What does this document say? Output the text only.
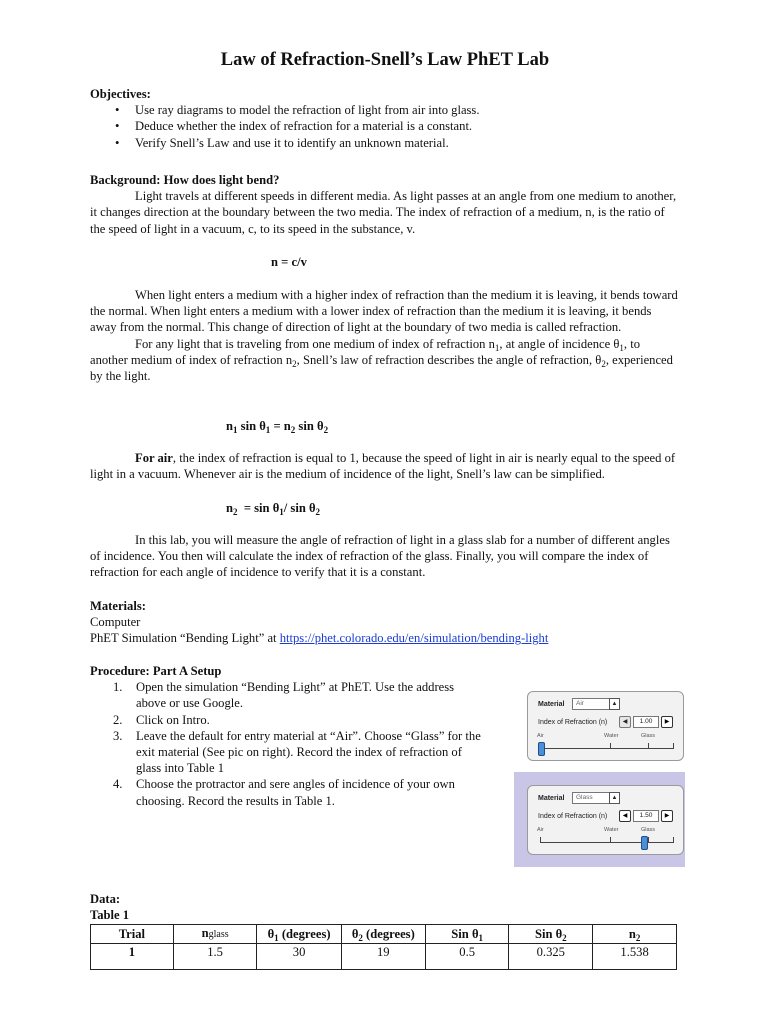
Law of Refraction-Snell’s Law PhET Lab

Objectives:

• Use ray diagrams to model the refraction of light from air into glass.
• Deduce whether the index of refraction for a material is a constant.
• Verify Snell’s Law and use it to identify an unknown material.

Background: How does light bend?

Light travels at different speeds in different media. As light passes at an angle from one medium to another, it changes direction at the boundary between the two media. The index of refraction of a medium, n, is the ratio of the speed of light in a vacuum, c, to its speed in the substance, v.

n = c/v

When light enters a medium with a higher index of refraction than the medium it is leaving, it bends toward the normal. When light enters a medium with a lower index of refraction than the medium it is leaving, it bends away from the normal. This change of direction of light at the boundary of two media is called refraction.

For any light that is traveling from one medium of index of refraction $n_1$, at angle of incidence $\theta_1$, to another medium of index of refraction $n_2$, Snell’s law of refraction describes the angle of refraction, $\theta_2$, experienced by the light.

$n_1$ $\sin \theta_1 = n_2$ $\sin \theta_2$

For air, the index of refraction is equal to 1, because the speed of light in air is nearly equal to the speed of light in a vacuum. Whenever air is the medium of incidence of the light, Snell’s law can be simplified.

$n_2 = \sin \theta_1/$ $\sin \theta_2$

In this lab, you will measure the angle of refraction of light in a glass slab for a number of different angles of incidence. You then will calculate the index of refraction of the glass. Finally, you will compare the index of refraction for each angle of incidence to verify that it is a constant.

Materials:

Computer

PhET Simulation “Bending Light” at https://phet.colorado.edu/en/simulation/bending-light

Procedure: Part A Setup

1. Open the simulation “Bending Light” at PhET. Use the address above or use Google.
2. Click on Intro.
3. Leave the default for entry material at “Air”. Choose “Glass” for the exit material (See pic on right). Record the index of refraction of glass into Table 1
4. Choose the protractor and sere angles of incidence of your own choosing. Record the results in Table 1.
Data:
Table 1
Trial	nglass	$\theta_1$ (degrees)	$\theta_2$ (degrees)	Sin $\theta_1$	Sin $\theta_2$	$n_2$
1	1.5	30	19	0.5	0.325	1.538
Material	Air	▲
Index of Refraction (n)	◀	1.00	▶
Air	Water	Glass
Material	Glass	▲
Index of Refraction (n)	◀	1.50	▶
Air	Water	Glass
